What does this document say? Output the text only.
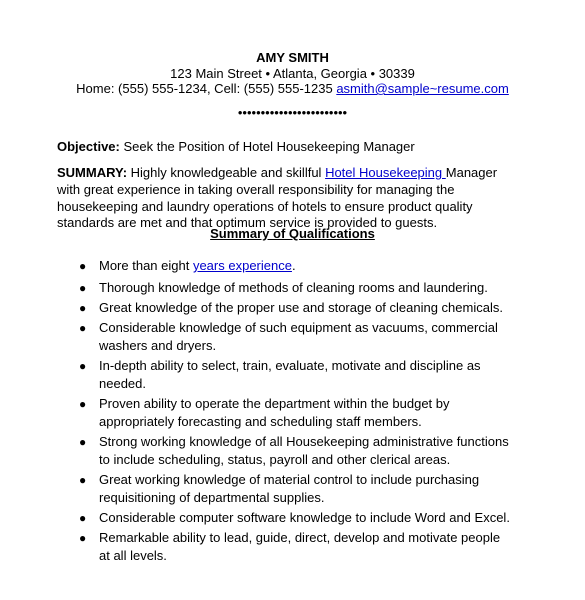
AMY SMITH
123 Main Street • Atlanta, Georgia • 30339
Home: (555) 555-1234, Cell: (555) 555-1235 asmith@sample~resume.com
••••••••••••••••••••••••
Objective: Seek the Position of Hotel Housekeeping Manager
SUMMARY: Highly knowledgeable and skillful Hotel Housekeeping Manager
with great experience in taking overall responsibility for managing the
housekeeping and laundry operations of hotels to ensure product quality
standards are met and that optimum service is provided to guests.
Summary of Qualifications
● More than eight years experience.
● Thorough knowledge of methods of cleaning rooms and laundering.
● Great knowledge of the proper use and storage of cleaning chemicals.
● Considerable knowledge of such equipment as vacuums, commercial
washers and dryers.
● In-depth ability to select, train, evaluate, motivate and discipline as
needed.
● Proven ability to operate the department within the budget by
appropriately forecasting and scheduling staff members.
● Strong working knowledge of all Housekeeping administrative functions
to include scheduling, status, payroll and other clerical areas.
● Great working knowledge of material control to include purchasing
requisitioning of departmental supplies.
● Considerable computer software knowledge to include Word and Excel.
● Remarkable ability to lead, guide, direct, develop and motivate people
at all levels.
